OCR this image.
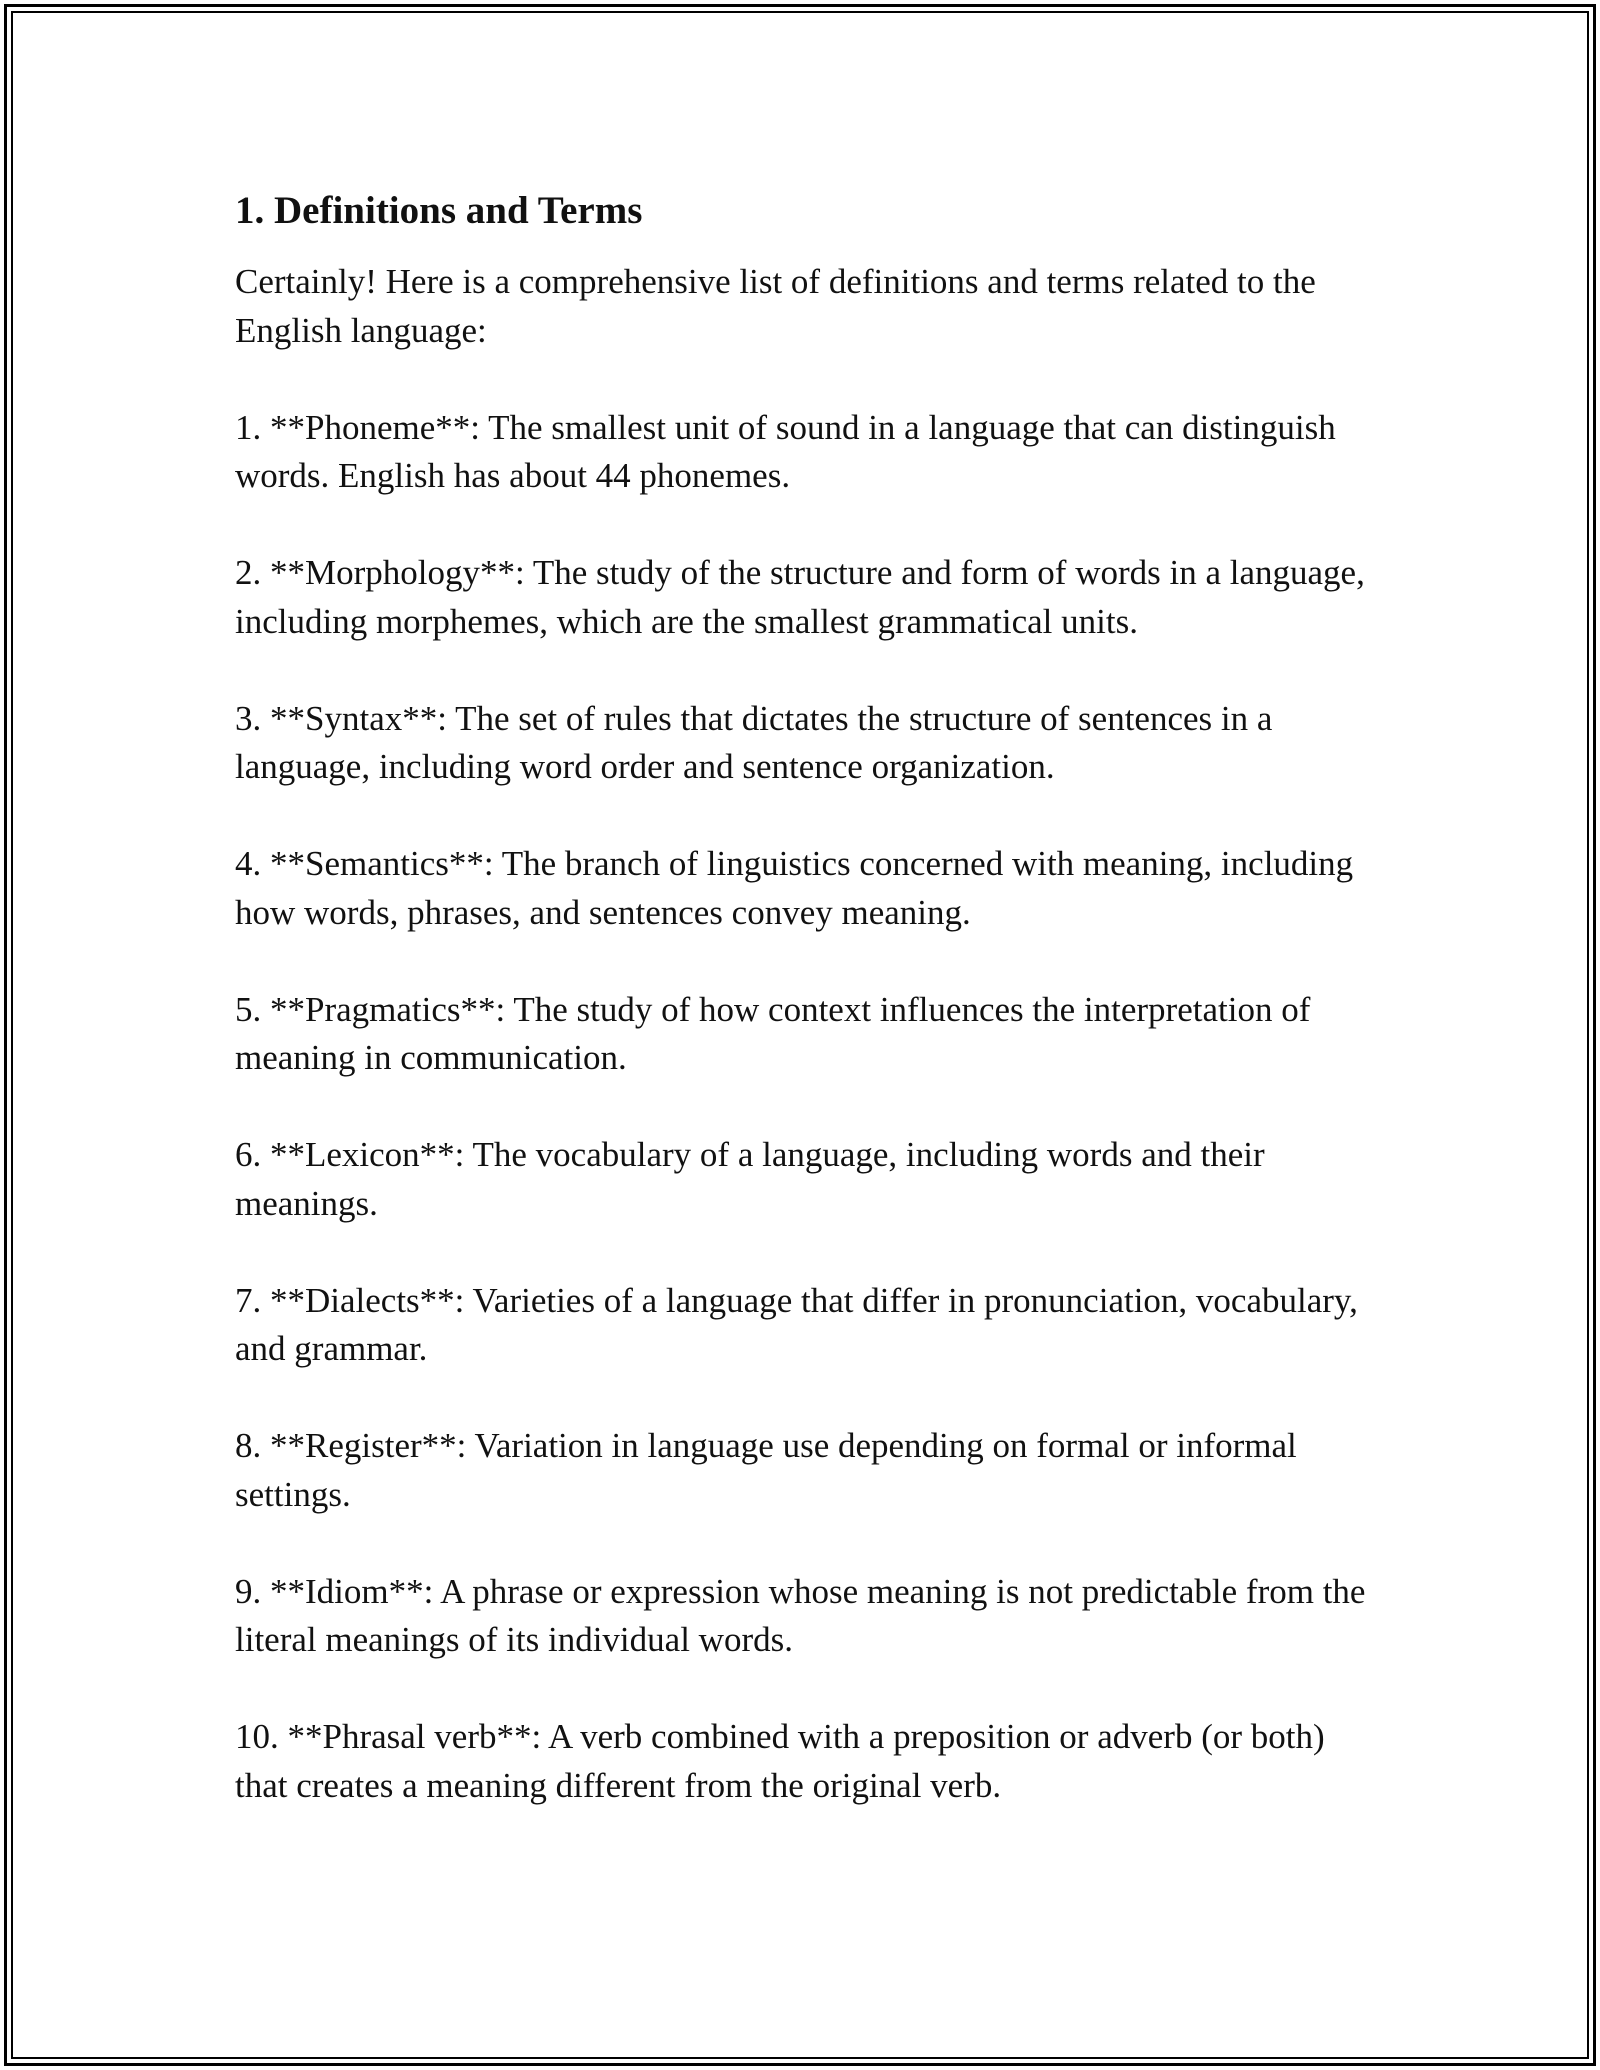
1. Definitions and Terms

Certainly! Here is a comprehensive list of definitions and terms related to the English language:

1. **Phoneme**: The smallest unit of sound in a language that can distinguish words. English has about 44 phonemes.

2. **Morphology**: The study of the structure and form of words in a language, including morphemes, which are the smallest grammatical units.

3. **Syntax**: The set of rules that dictates the structure of sentences in a language, including word order and sentence organization.

4. **Semantics**: The branch of linguistics concerned with meaning, including how words, phrases, and sentences convey meaning.

5. **Pragmatics**: The study of how context influences the interpretation of meaning in communication.

6. **Lexicon**: The vocabulary of a language, including words and their meanings.

7. **Dialects**: Varieties of a language that differ in pronunciation, vocabulary, and grammar.

8. **Register**: Variation in language use depending on formal or informal settings.

9. **Idiom**: A phrase or expression whose meaning is not predictable from the literal meanings of its individual words.

10. **Phrasal verb**: A verb combined with a preposition or adverb (or both) that creates a meaning different from the original verb.
